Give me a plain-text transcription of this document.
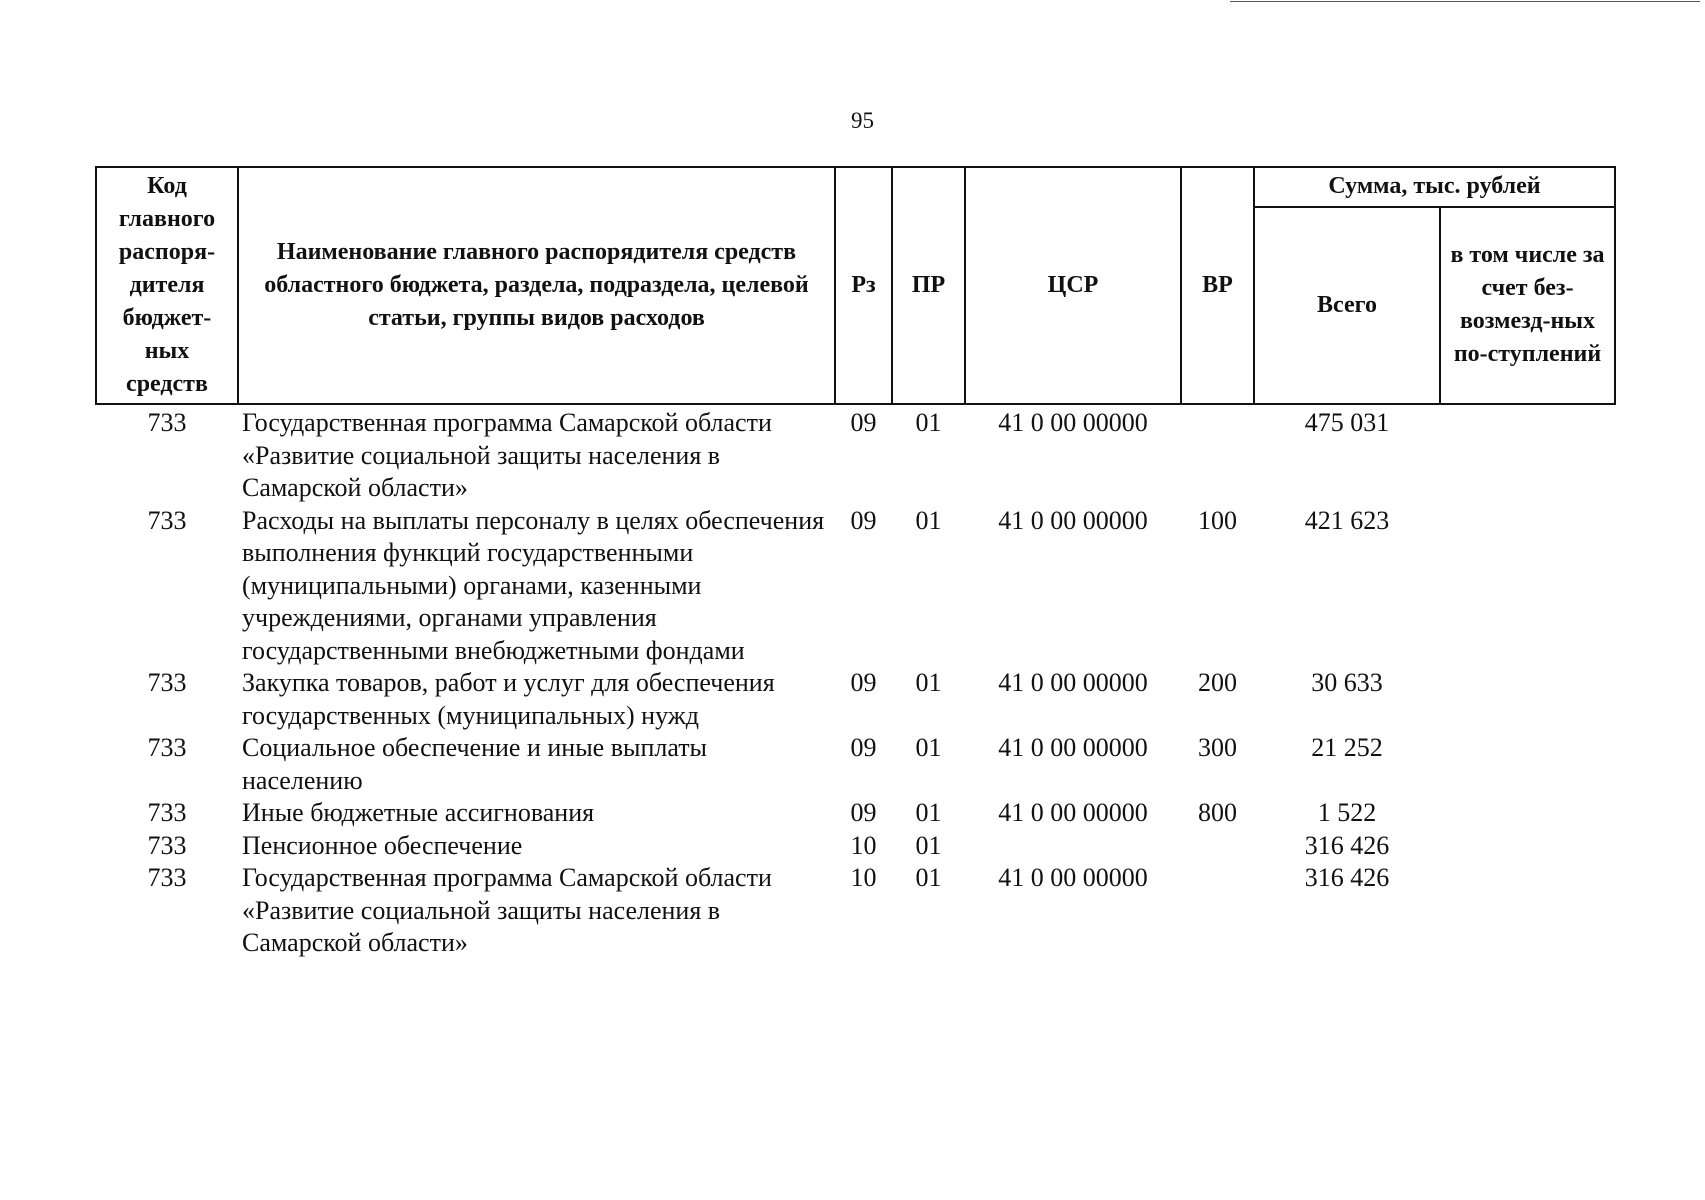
95
Код главного распоря-дителя бюджет-ных средств	Наименование главного распорядителя средств областного бюджета, раздела, подраздела, целевой статьи, группы видов расходов	Рз	ПР	ЦСР	ВР	Сумма, тыс. рублей	
						Всего	в том числе за счет без-возмезд-ных по-ступлений
733	Государственная программа Самарской области «Развитие социальной защиты населения в Самарской области»	09	01	41 0 00 00000		475 031	
733	Расходы на выплаты персоналу в целях обеспечения выполнения функций государственными (муниципальными) органами, казенными учреждениями, органами управления государственными внебюджетными фондами	09	01	41 0 00 00000	100	421 623	
733	Закупка товаров, работ и услуг для обеспечения государственных (муниципальных) нужд	09	01	41 0 00 00000	200	30 633	
733	Социальное обеспечение и иные выплаты населению	09	01	41 0 00 00000	300	21 252	
733	Иные бюджетные ассигнования	09	01	41 0 00 00000	800	1 522	
733	Пенсионное обеспечение	10	01			316 426	
733	Государственная программа Самарской области «Развитие социальной защиты населения в Самарской области»	10	01	41 0 00 00000		316 426	
